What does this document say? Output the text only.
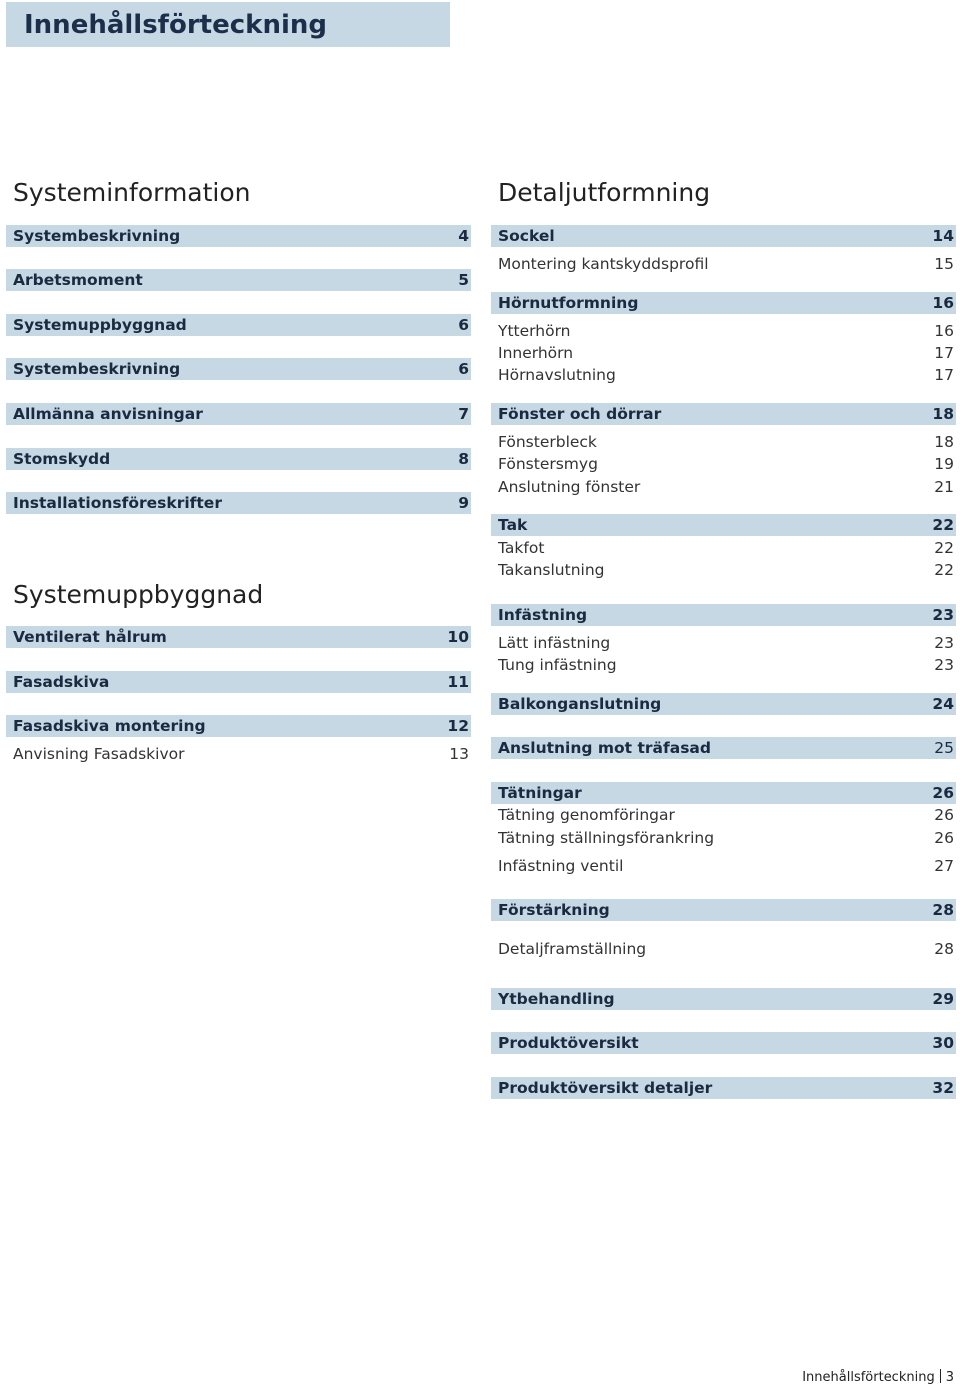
Innehållsförteckning
Systeminformation
Systembeskrivning	4
Arbetsmoment	5
Systemuppbyggnad	6
Systembeskrivning	6
Allmänna anvisningar	7
Stomskydd	8
Installationsföreskrifter	9
Systemuppbyggnad
Ventilerat hålrum	10
Fasadskiva	11
Fasadskiva montering	12
Anvisning Fasadskivor	13
Detaljutformning
Sockel	14
Montering kantskyddsprofil	15
Hörnutformning	16
Ytterhörn	16
Innerhörn	17
Hörnavslutning	17
Fönster och dörrar	18
Fönsterbleck	18
Fönstersmyg	19
Anslutning fönster	21
Tak	22
Takfot	22
Takanslutning	22
Infästning	23
Lätt infästning	23
Tung infästning	23
Balkonganslutning	24
Anslutning mot träfasad	25
Tätningar	26
Tätning genomföringar	26
Tätning ställningsförankring	26
Infästning ventil	27
Förstärkning	28
Detaljframställning	28
Ytbehandling	29
Produktöversikt	30
Produktöversikt detaljer	32
Innehållsförteckning 3
